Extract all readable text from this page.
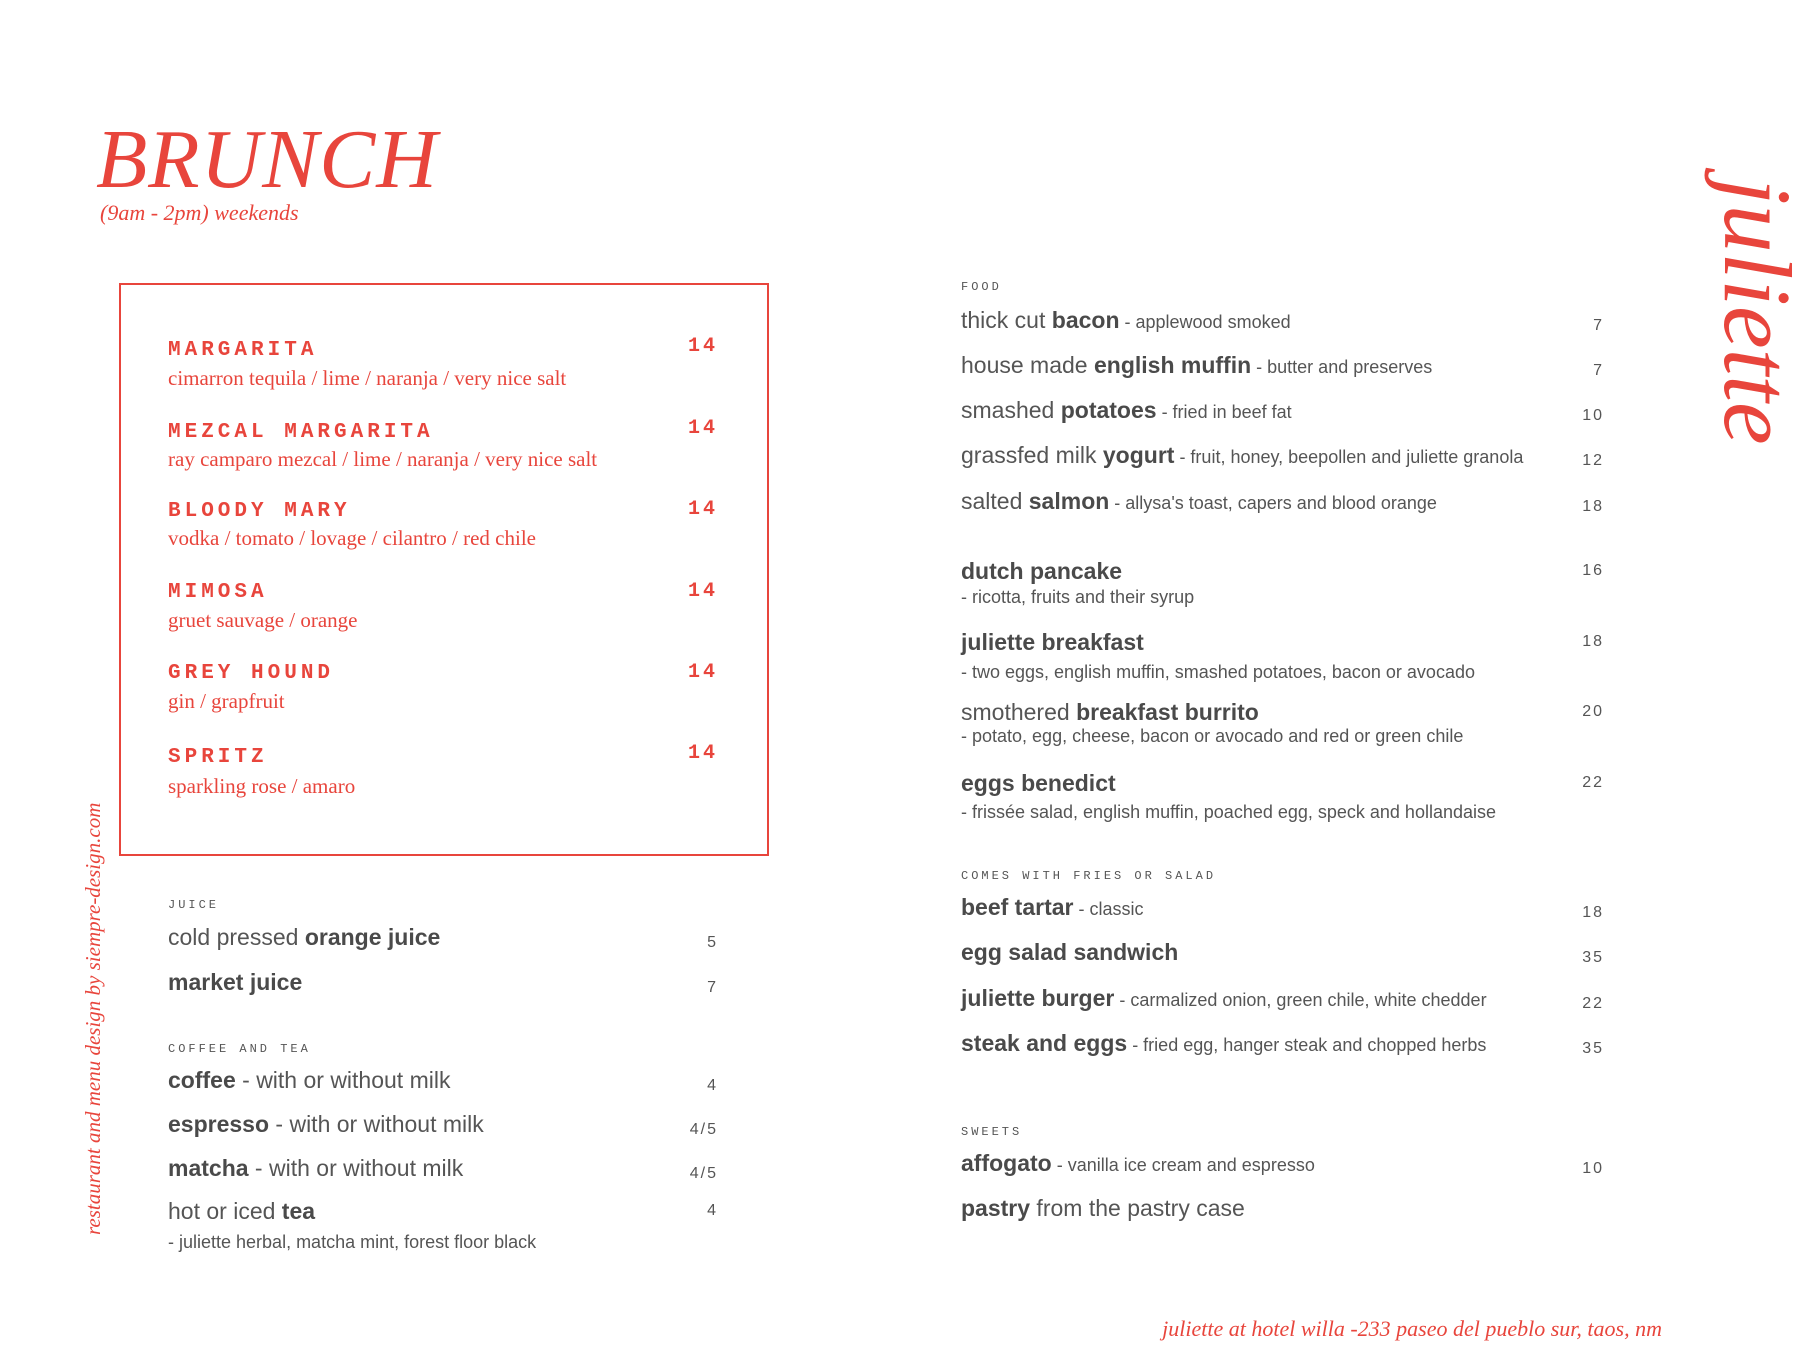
BRUNCH
(9am - 2pm) weekends
restaurant and menu design by siempre-design.com
juliette
juliette at hotel willa -233 paseo del pueblo sur, taos, nm
MARGARITA
cimarron tequila / lime / naranja / very nice salt
14
MEZCAL MARGARITA
ray camparo mezcal / lime / naranja / very nice salt
14
BLOODY MARY
vodka / tomato / lovage / cilantro / red chile
14
MIMOSA
gruet sauvage / orange
14
GREY HOUND
gin / grapfruit
14
SPRITZ
sparkling rose / amaro
14
JUICE
cold pressed orange juice	5
market juice	7
COFFEE AND TEA
coffee - with or without milk	4
espresso - with or without milk	4/5
matcha - with or without milk	4/5
hot or iced tea
- juliette herbal, matcha mint, forest floor black
4
FOOD
thick cut bacon - applewood smoked	7
house made english muffin - butter and preserves	7
smashed potatoes - fried in beef fat	10
grassfed milk yogurt - fruit, honey, beepollen and juliette granola	12
salted salmon - allysa's toast, capers and blood orange	18
dutch pancake
- ricotta, fruits and their syrup
16
juliette breakfast
- two eggs, english muffin, smashed potatoes, bacon or avocado
18
smothered breakfast burrito
- potato, egg, cheese, bacon or avocado and red or green chile
20
eggs benedict
- frissée salad, english muffin, poached egg, speck and hollandaise
22
COMES WITH FRIES OR SALAD
beef tartar - classic	18
egg salad sandwich	35
juliette burger - carmalized onion, green chile, white chedder	22
steak and eggs - fried egg, hanger steak and chopped herbs	35
SWEETS
affogato - vanilla ice cream and espresso	10
pastry from the pastry case
